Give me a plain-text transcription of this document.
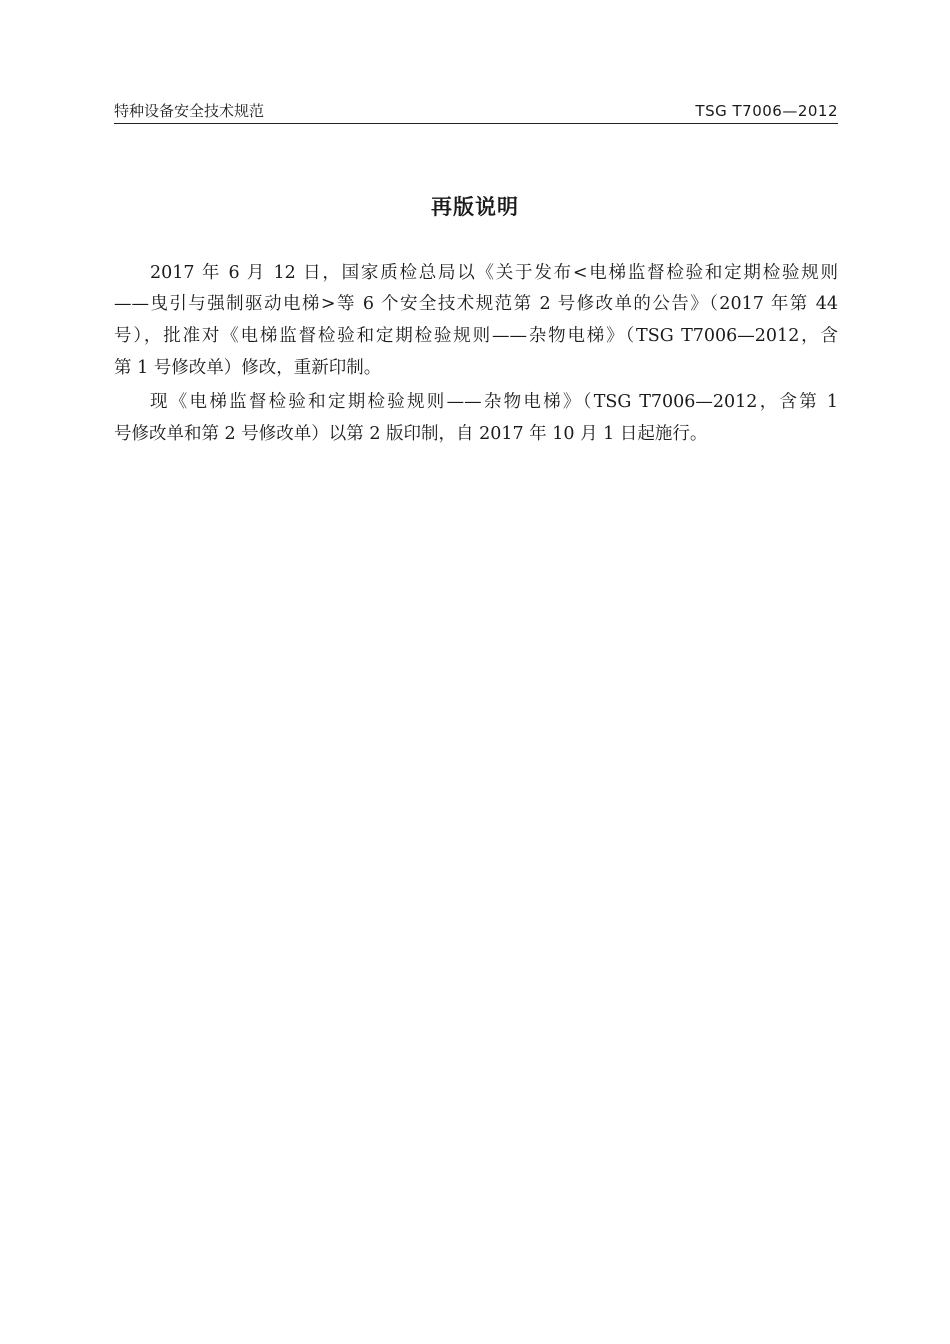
特种设备安全技术规范	TSG T7006—2012
再版说明
2017 年 6 月 12 日，国家质检总局以《关于发布<电梯监督检验和定期检验规则
——曳引与强制驱动电梯>等 6 个安全技术规范第 2 号修改单的公告》（2017 年第 44
号），批准对《电梯监督检验和定期检验规则——杂物电梯》（TSG T7006—2012，含
第 1 号修改单）修改，重新印制。
现《电梯监督检验和定期检验规则——杂物电梯》（TSG T7006—2012，含第 1
号修改单和第 2 号修改单）以第 2 版印制，自 2017 年 10 月 1 日起施行。
